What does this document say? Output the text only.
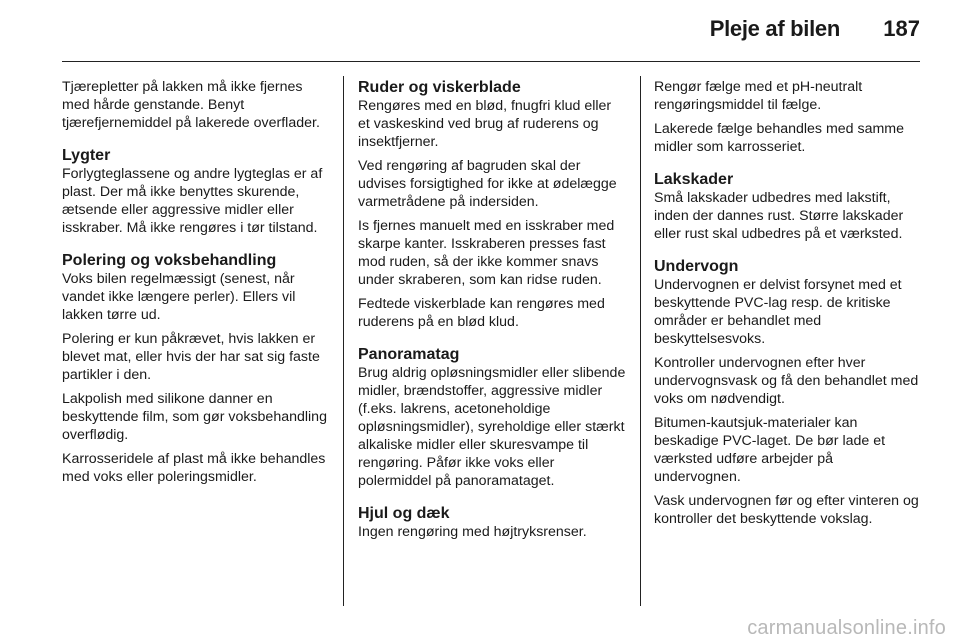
Pleje af bilen 187

Tjærepletter på lakken må ikke fjernes med hårde genstande. Benyt tjærefjernemiddel på lakerede overflader.

Lygter

Forlygteglassene og andre lygteglas er af plast. Der må ikke benyttes skurende, ætsende eller aggressive midler eller isskraber. Må ikke rengøres i tør tilstand.

Polering og voksbehandling

Voks bilen regelmæssigt (senest, når vandet ikke længere perler). Ellers vil lakken tørre ud.

Polering er kun påkrævet, hvis lakken er blevet mat, eller hvis der har sat sig faste partikler i den.

Lakpolish med silikone danner en beskyttende film, som gør voksbehandling overflødig.

Karrosseridele af plast må ikke behandles med voks eller poleringsmidler.

Ruder og viskerblade

Rengøres med en blød, fnugfri klud eller et vaskeskind ved brug af ruderens og insektfjerner.

Ved rengøring af bagruden skal der udvises forsigtighed for ikke at ødelægge varmetrådene på indersiden.

Is fjernes manuelt med en isskraber med skarpe kanter. Isskraberen presses fast mod ruden, så der ikke kommer snavs under skraberen, som kan ridse ruden.

Fedtede viskerblade kan rengøres med ruderens på en blød klud.

Panoramatag

Brug aldrig opløsningsmidler eller slibende midler, brændstoffer, aggressive midler (f.eks. lakrens, acetoneholdige opløsningsmidler), syreholdige eller stærkt alkaliske midler eller skuresvampe til rengøring. Påfør ikke voks eller polermiddel på panoramataget.

Hjul og dæk

Ingen rengøring med højtryksrenser.

Rengør fælge med et pH-neutralt rengøringsmiddel til fælge.

Lakerede fælge behandles med samme midler som karrosseriet.

Lakskader

Små lakskader udbedres med lakstift, inden der dannes rust. Større lakskader eller rust skal udbedres på et værksted.

Undervogn

Undervognen er delvist forsynet med et beskyttende PVC-lag resp. de kritiske områder er behandlet med beskyttelsesvoks.

Kontroller undervognen efter hver undervognsvask og få den behandlet med voks om nødvendigt.

Bitumen-kautsjuk-materialer kan beskadige PVC-laget. De bør lade et værksted udføre arbejder på undervognen.

Vask undervognen før og efter vinteren og kontroller det beskyttende vokslag.

carmanualsonline.info
